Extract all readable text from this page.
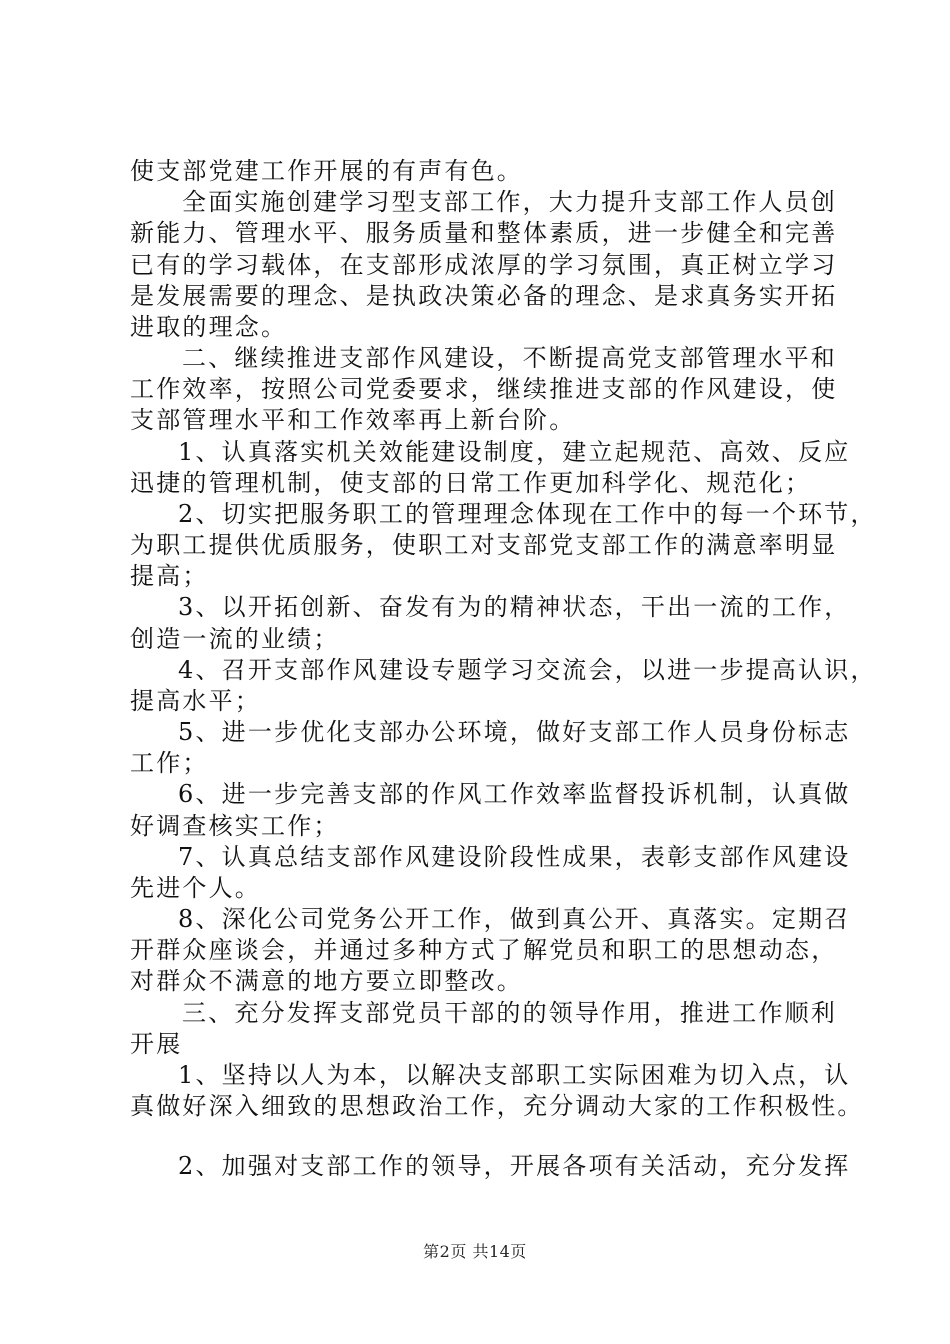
使支部党建工作开展的有声有色。
全面实施创建学习型支部工作，大力提升支部工作人员创
新能力、管理水平、服务质量和整体素质，进一步健全和完善
已有的学习载体，在支部形成浓厚的学习氛围，真正树立学习
是发展需要的理念、是执政决策必备的理念、是求真务实开拓
进取的理念。
二、继续推进支部作风建设，不断提高党支部管理水平和
工作效率，按照公司党委要求，继续推进支部的作风建设，使
支部管理水平和工作效率再上新台阶。
1、认真落实机关效能建设制度，建立起规范、高效、反应
迅捷的管理机制，使支部的日常工作更加科学化、规范化；
2、切实把服务职工的管理理念体现在工作中的每一个环节，
为职工提供优质服务，使职工对支部党支部工作的满意率明显
提高；
3、以开拓创新、奋发有为的精神状态，干出一流的工作，
创造一流的业绩；
4、召开支部作风建设专题学习交流会，以进一步提高认识，
提高水平；
5、进一步优化支部办公环境，做好支部工作人员身份标志
工作；
6、进一步完善支部的作风工作效率监督投诉机制，认真做
好调查核实工作；
7、认真总结支部作风建设阶段性成果，表彰支部作风建设
先进个人。
8、深化公司党务公开工作，做到真公开、真落实。定期召
开群众座谈会，并通过多种方式了解党员和职工的思想动态，
对群众不满意的地方要立即整改。
三、充分发挥支部党员干部的的领导作用，推进工作顺利
开展
1、坚持以人为本，以解决支部职工实际困难为切入点，认
真做好深入细致的思想政治工作，充分调动大家的工作积极性。
2、加强对支部工作的领导，开展各项有关活动，充分发挥
第2页 共14页
